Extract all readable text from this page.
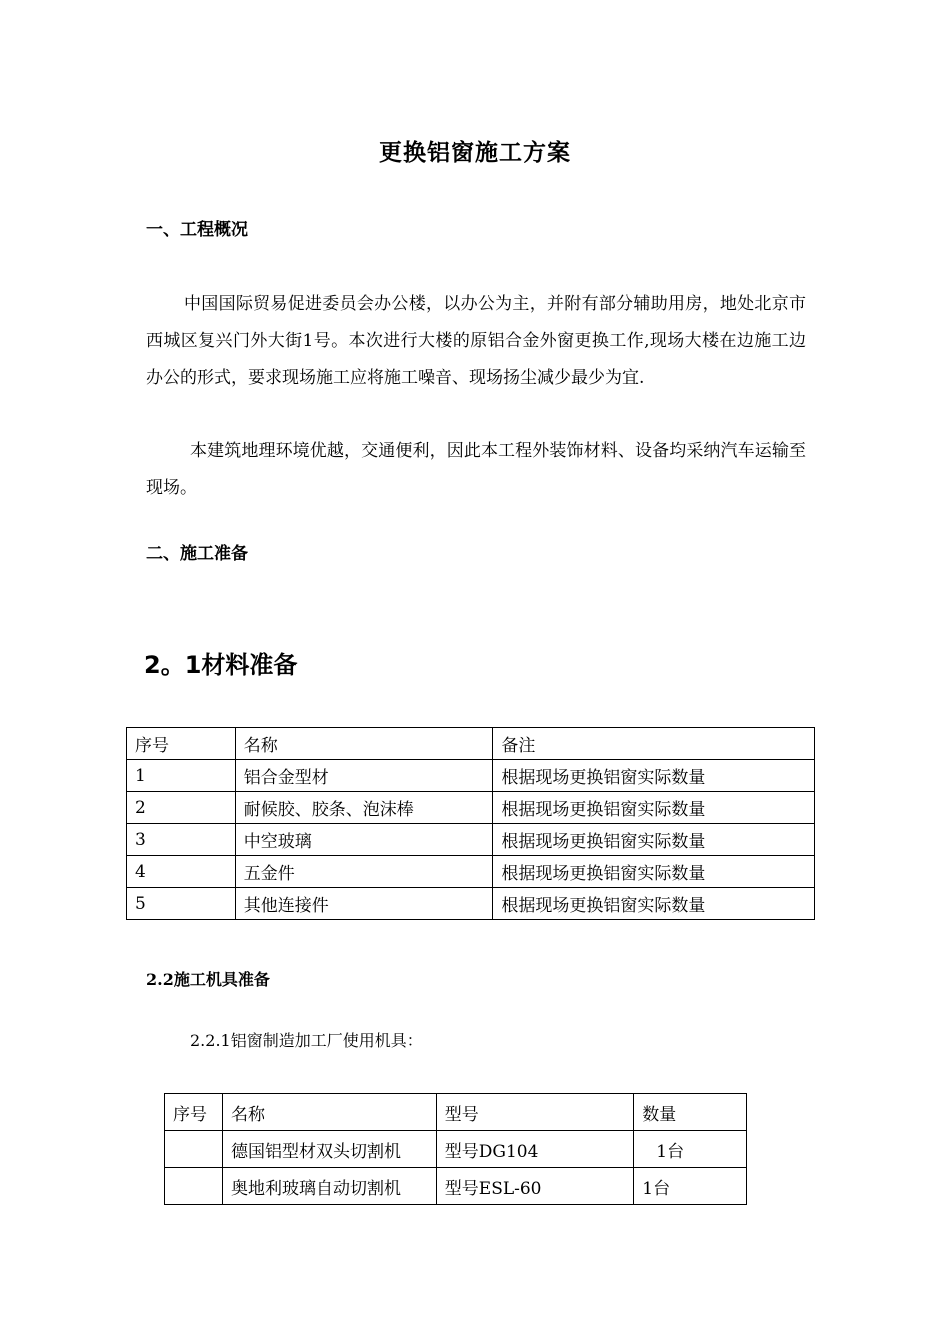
更换铝窗施工方案
一、工程概况
中国国际贸易促进委员会办公楼，以办公为主，并附有部分辅助用房，地处北京市西城区复兴门外大街1号。本次进行大楼的原铝合金外窗更换工作,现场大楼在边施工边办公的形式，要求现场施工应将施工噪音、现场扬尘减少最少为宜.
本建筑地理环境优越，交通便利，因此本工程外装饰材料、设备均采纳汽车运输至现场。
二、施工准备
2。1材料准备
序号	名称	备注
1	铝合金型材	根据现场更换铝窗实际数量
2	耐候胶、胶条、泡沫棒	根据现场更换铝窗实际数量
3	中空玻璃	根据现场更换铝窗实际数量
4	五金件	根据现场更换铝窗实际数量
5	其他连接件	根据现场更换铝窗实际数量
2.2施工机具准备
2.2.1铝窗制造加工厂使用机具：
序号	名称	型号	数量
	德国铝型材双头切割机	型号DG104	1台
	奥地利玻璃自动切割机	型号ESL-60	1台
